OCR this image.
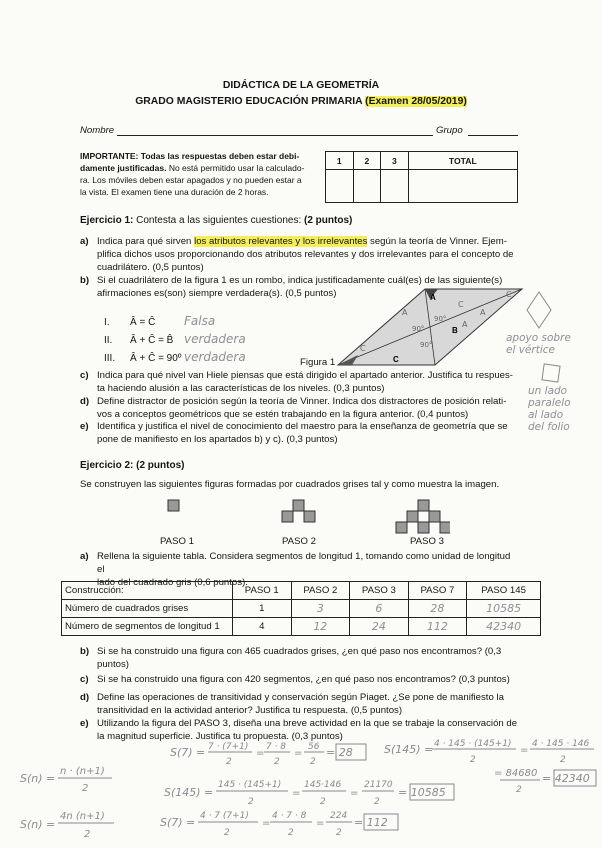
DIDÁCTICA DE LA GEOMETRÍA
GRADO MAGISTERIO EDUCACIÓN PRIMARIA (Examen 28/05/2019)
Nombre	Grupo
IMPORTANTE: Todas las respuestas deben estar debi-
damente justificadas. No está permitido usar la calculado-
ra. Los móviles deben estar apagados y no pueden estar a
la vista. El examen tiene una duración de 2 horas.
1	2	3	TOTAL

Ejercicio 1: Contesta a las siguientes cuestiones: (2 puntos)
a) Indica para qué sirven los atributos relevantes y los irrelevantes según la teoría de Vinner. Ejem-
plifica dichos usos proporcionando dos atributos relevantes y dos irrelevantes para el concepto de
cuadrilátero. (0,5 puntos)
b) Si el cuadrilátero de la figura 1 es un rombo, indica justificadamente cuál(es) de las siguiente(s)
afirmaciones es(son) siempre verdadera(s). (0,5 puntos)
I. Â = Ĉ Falsa
II. Â + Ĉ = B̂ verdadera
III. Â + Ĉ = 90º verdadera
A
B
C
A
C
C
A
C
A
90°
90°
90°
Figura 1
apoyo sobre
el vértice
un lado
paralelo
al lado
del folio
c) Indica para qué nivel van Hiele piensas que está dirigido el apartado anterior. Justifica tu respues-
ta haciendo alusión a las características de los niveles. (0,3 puntos)
d) Define distractor de posición según la teoría de Vinner. Indica dos distractores de posición relati-
vos a conceptos geométricos que se estén trabajando en la figura anterior. (0,4 puntos)
e) Identifica y justifica el nivel de conocimiento del maestro para la enseñanza de geometría que se
pone de manifiesto en los apartados b) y c). (0,3 puntos)
Ejercicio 2: (2 puntos)
Se construyen las siguientes figuras formadas por cuadrados grises tal y como muestra la imagen.
PASO 1	PASO 2	PASO 3
a) Rellena la siguiente tabla. Considera segmentos de longitud 1, tomando como unidad de longitud el
lado del cuadrado gris (0,6 puntos).
Construcción:	PASO 1	PASO 2	PASO 3	PASO 7	PASO 145
Número de cuadrados grises	1	3	6	28	10585
Número de segmentos de longitud 1	4	12	24	112	42340
b) Si se ha construido una figura con 465 cuadrados grises, ¿en qué paso nos encontramos? (0,3
puntos)
c) Si se ha construido una figura con 420 segmentos, ¿en qué paso nos encontramos? (0,3 puntos)
d) Define las operaciones de transitividad y conservación según Piaget. ¿Se pone de manifiesto la
transitividad en la actividad anterior? Justifica tu respuesta. (0,5 puntos)
e) Utilizando la figura del PASO 3, diseña una breve actividad en la que se trabaje la conservación de
la magnitud superficie. Justifica tu propuesta. (0,3 puntos)
S(7) = 7 · (7+1)
2
=
7 · 8
2
=
56
2
= 28	S(145) = 4 · 145 · (145+1)
2
=
4 · 145 · 146
2
= 84680
2
= 42340
S(n) =
n · (n+1)
2	S(145) =
145 · (145+1)
2
=
145·146
2
=
21170
2
= 10585
S(n) =
4n (n+1)
2
S(7) = 4 · 7 (7+1)
2
=
4 · 7 · 8
2
=
224
2
= 112
